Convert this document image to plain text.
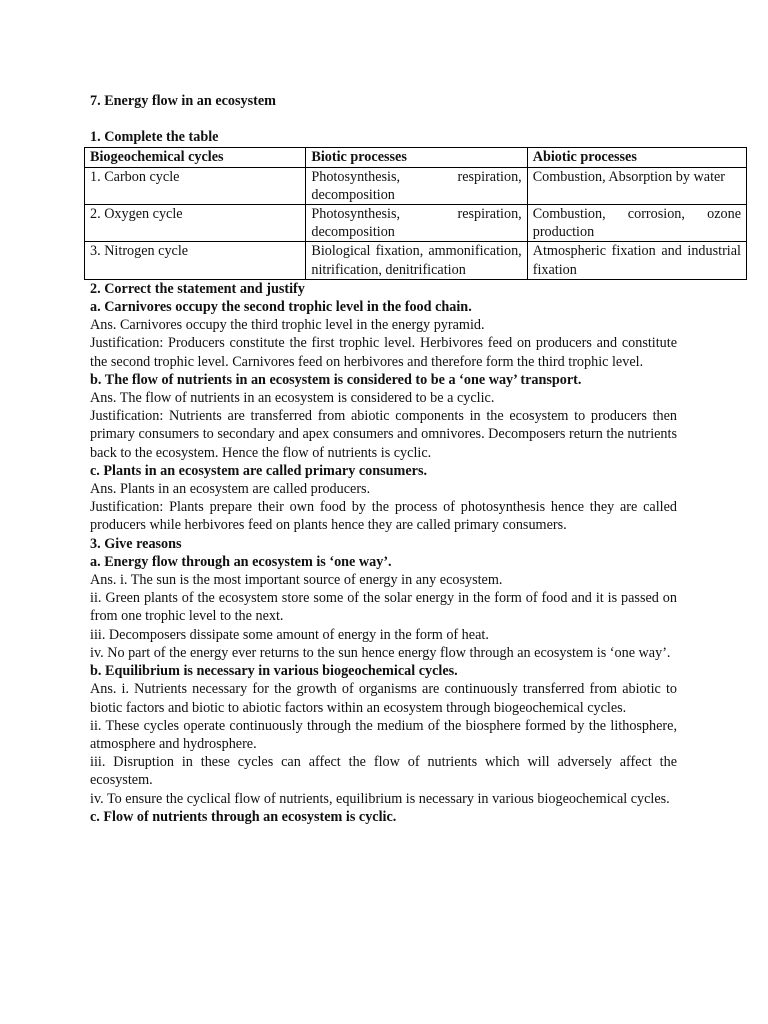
7. Energy flow in an ecosystem

1. Complete the table

Biogeochemical cycles	Biotic processes	Abiotic processes
1. Carbon cycle	Photosynthesis, respiration, decomposition	Combustion, Absorption by water
2. Oxygen cycle	Photosynthesis, respiration, decomposition	Combustion, corrosion, ozone production
3. Nitrogen cycle	Biological fixation, ammonification, nitrification, denitrification	Atmospheric fixation and industrial fixation

2. Correct the statement and justify

a. Carnivores occupy the second trophic level in the food chain.

Ans. Carnivores occupy the third trophic level in the energy pyramid.

Justification: Producers constitute the first trophic level. Herbivores feed on producers and constitute the second trophic level. Carnivores feed on herbivores and therefore form the third trophic level.

b. The flow of nutrients in an ecosystem is considered to be a ‘one way’ transport.

Ans. The flow of nutrients in an ecosystem is considered to be a cyclic.

Justification: Nutrients are transferred from abiotic components in the ecosystem to producers then primary consumers to secondary and apex consumers and omnivores. Decomposers return the nutrients back to the ecosystem. Hence the flow of nutrients is cyclic.

c. Plants in an ecosystem are called primary consumers.

Ans. Plants in an ecosystem are called producers.

Justification: Plants prepare their own food by the process of photosynthesis hence they are called producers while herbivores feed on plants hence they are called primary consumers.

3. Give reasons

a. Energy flow through an ecosystem is ‘one way’.

Ans. i. The sun is the most important source of energy in any ecosystem.

ii. Green plants of the ecosystem store some of the solar energy in the form of food and it is passed on from one trophic level to the next.

iii. Decomposers dissipate some amount of energy in the form of heat.

iv. No part of the energy ever returns to the sun hence energy flow through an ecosystem is ‘one way’.

b. Equilibrium is necessary in various biogeochemical cycles.

Ans. i. Nutrients necessary for the growth of organisms are continuously transferred from abiotic to biotic factors and biotic to abiotic factors within an ecosystem through biogeochemical cycles.

ii. These cycles operate continuously through the medium of the biosphere formed by the lithosphere, atmosphere and hydrosphere.

iii. Disruption in these cycles can affect the flow of nutrients which will adversely affect the ecosystem.

iv. To ensure the cyclical flow of nutrients, equilibrium is necessary in various biogeochemical cycles.

c. Flow of nutrients through an ecosystem is cyclic.
